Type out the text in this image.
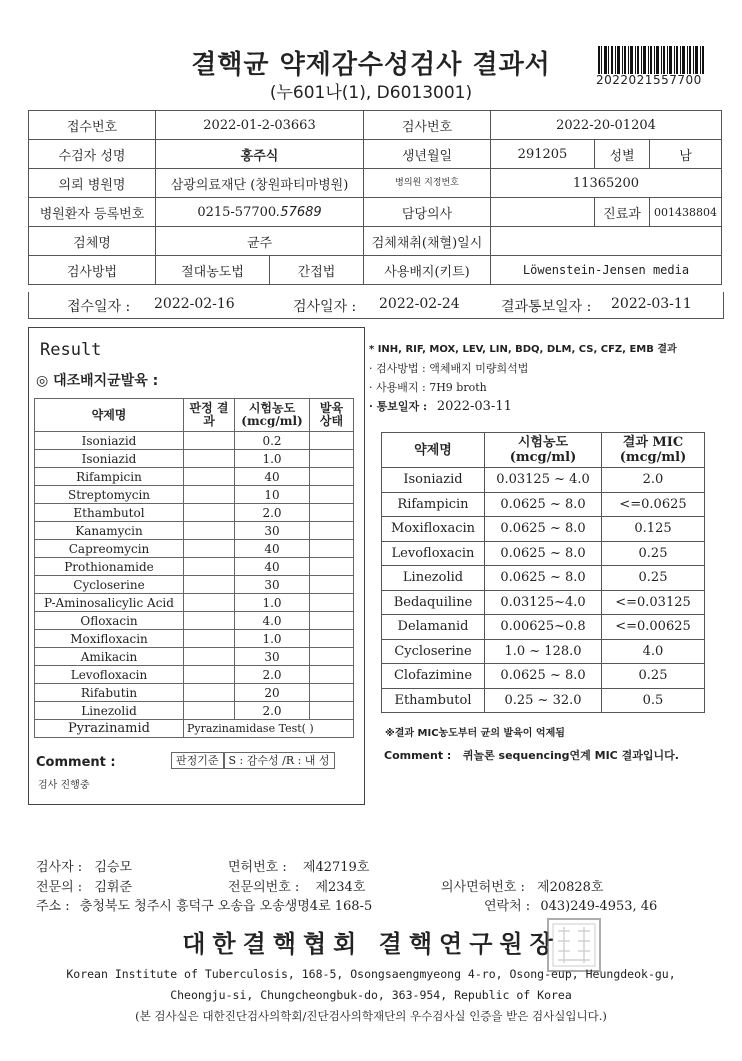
결핵균 약제감수성검사 결과서
(누601나(1), D6013001)
2022021557700
접수번호	2022-01-2-03663		검사번호	2022-20-01204		
수검자 성명	홍주식		생년월일	291205	성별	남
의뢰 병원명	삼광의료재단 (창원파티마병원)		병의원 지정번호	11365200		
병원환자 등록번호	0215-57700.57689		담당의사		진료과	001438804
검체명	균주		검체채취(채혈)일시			
검사방법	절대농도법	간접법	사용배지(키트)	Löwenstein-Jensen media		
접수일자 : 2022-02-16	검사일자 : 2022-02-24	결과통보일자 : 2022-03-11
Result
◎ 대조배지균발육 :
약제명	판정 결과	시험농도 (mcg/ml)	발육 상태
Isoniazid		0.2	
Isoniazid		1.0	
Rifampicin		40	
Streptomycin		10	
Ethambutol		2.0	
Kanamycin		30	
Capreomycin		40	
Prothionamide		40	
Cycloserine		30	
P-Aminosalicylic Acid		1.0	
Ofloxacin		4.0	
Moxifloxacin		1.0	
Amikacin		30	
Levofloxacin		2.0	
Rifabutin		20	
Linezolid		2.0	
Pyrazinamid	Pyrazinamidase Test( )		
판정기준 S : 감수성 /R : 내 성
Comment :
검사 진행중
* INH, RIF, MOX, LEV, LIN, BDQ, DLM, CS, CFZ, EMB 결과
· 검사방법 : 액체배지 미량희석법
· 사용배지 : 7H9 broth
· 통보일자 : 2022-03-11
약제명	시험농도 (mcg/ml)	결과 MIC (mcg/ml)
Isoniazid	0.03125 ~ 4.0	2.0
Rifampicin	0.0625 ~ 8.0	<=0.0625
Moxifloxacin	0.0625 ~ 8.0	0.125
Levofloxacin	0.0625 ~ 8.0	0.25
Linezolid	0.0625 ~ 8.0	0.25
Bedaquiline	0.03125~4.0	<=0.03125
Delamanid	0.00625~0.8	<=0.00625
Cycloserine	1.0 ~ 128.0	4.0
Clofazimine	0.0625 ~ 8.0	0.25
Ethambutol	0.25 ~ 32.0	0.5
※결과 MIC농도부터 균의 발육이 억제됨
Comment : 퀴놀론 sequencing연계 MIC 결과입니다.
검사자 : 김승모	면허번호 : 제42719호
전문의 : 김휘준	전문의번호 : 제234호	의사면허번호 : 제20828호
주소 : 충청북도 청주시 흥덕구 오송읍 오송생명4로 168-5	연락처 : 043)249-4953, 46
대한결핵협회 결핵연구원장
Korean Institute of Tuberculosis, 168-5, Osongsaengmyeong 4-ro, Osong-eup, Heungdeok-gu,
Cheongju-si, Chungcheongbuk-do, 363-954, Republic of Korea
(본 검사실은 대한진단검사의학회/진단검사의학재단의 우수검사실 인증을 받은 검사실입니다.)
